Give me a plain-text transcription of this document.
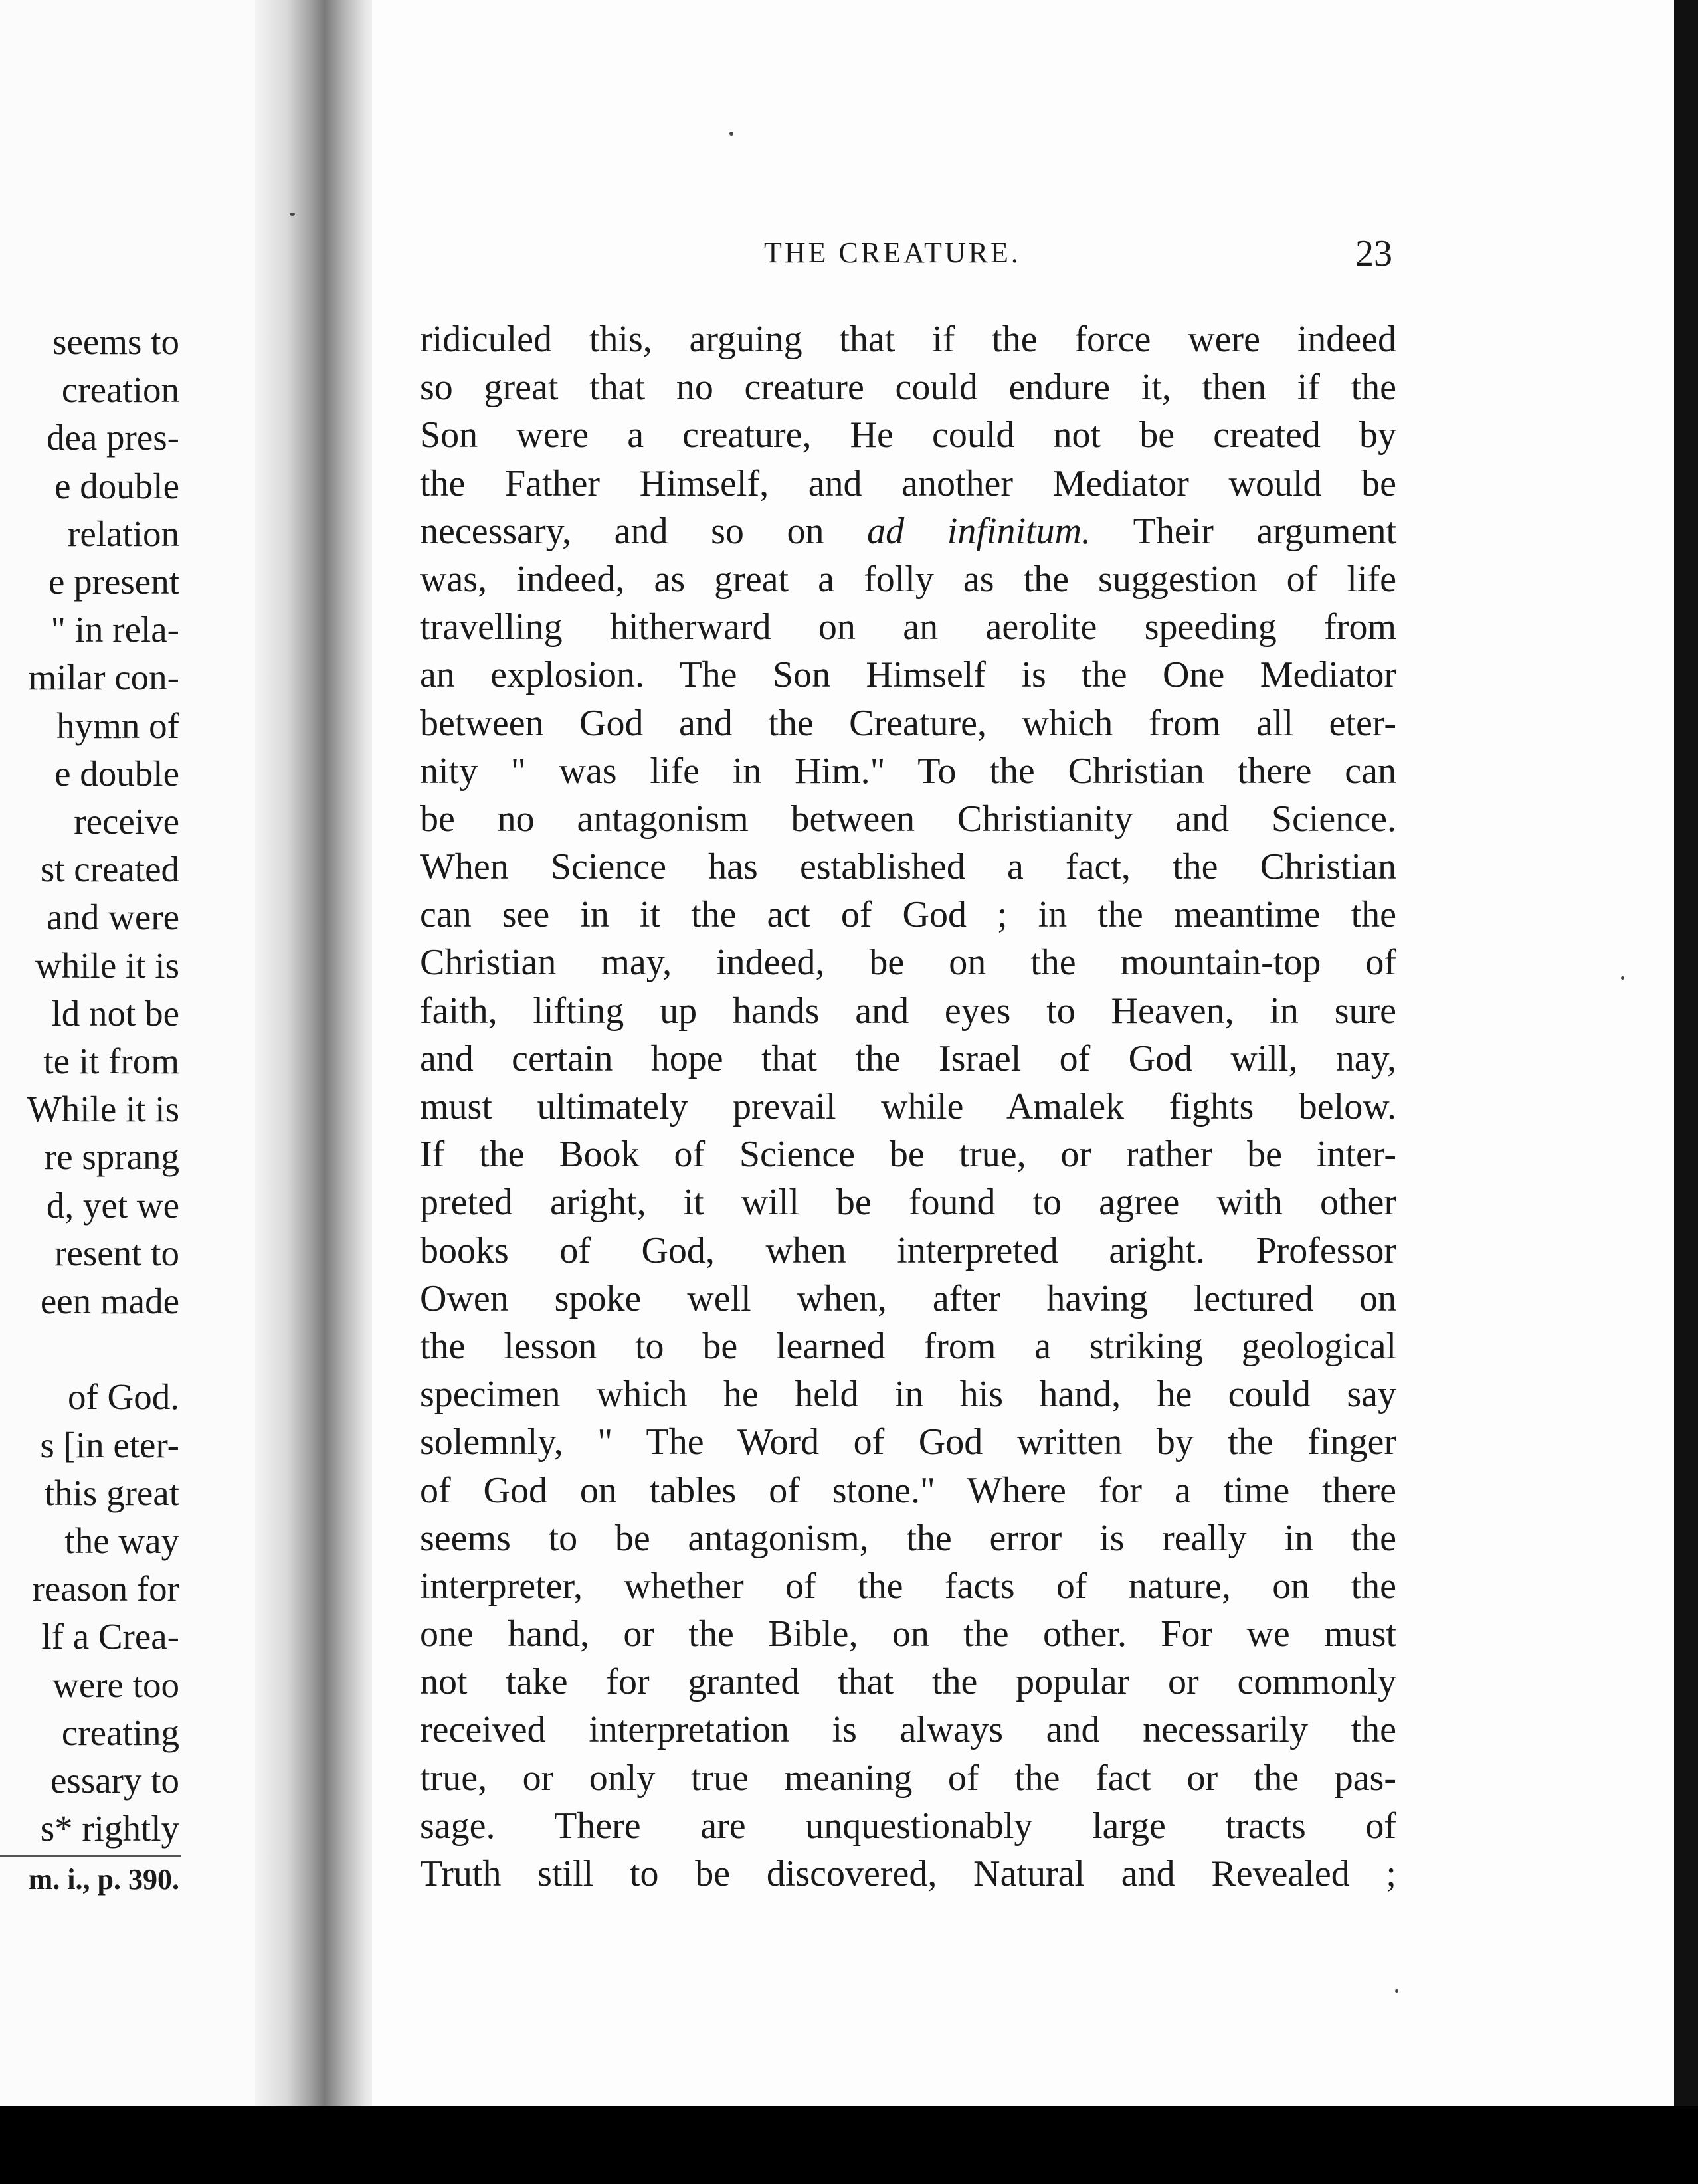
seems to
creation
dea pres-
e double
relation
e present
" in rela-
milar con-
hymn of
e double
receive
st created
and were
while it is
ld not be
te it from
While it is
re sprang
d, yet we
resent to
een made
of God.
s [in eter-
this great
the way
reason for
lf a Crea-
were too
creating
essary to
s* rightly
m. i., p. 390.
THE CREATURE.	23
ridiculed this, arguing that if the force were indeed
so great that no creature could endure it, then if the
Son were a creature, He could not be created by
the Father Himself, and another Mediator would be
necessary, and so on ad infinitum. Their argument
was, indeed, as great a folly as the suggestion of life
travelling hitherward on an aerolite speeding from
an explosion. The Son Himself is the One Mediator
between God and the Creature, which from all eter-
nity " was life in Him." To the Christian there can
be no antagonism between Christianity and Science.
When Science has established a fact, the Christian
can see in it the act of God ; in the meantime the
Christian may, indeed, be on the mountain-top of
faith, lifting up hands and eyes to Heaven, in sure
and certain hope that the Israel of God will, nay,
must ultimately prevail while Amalek fights below.
If the Book of Science be true, or rather be inter-
preted aright, it will be found to agree with other
books of God, when interpreted aright. Professor
Owen spoke well when, after having lectured on
the lesson to be learned from a striking geological
specimen which he held in his hand, he could say
solemnly, " The Word of God written by the finger
of God on tables of stone." Where for a time there
seems to be antagonism, the error is really in the
interpreter, whether of the facts of nature, on the
one hand, or the Bible, on the other. For we must
not take for granted that the popular or commonly
received interpretation is always and necessarily the
true, or only true meaning of the fact or the pas-
sage. There are unquestionably large tracts of
Truth still to be discovered, Natural and Revealed ;
